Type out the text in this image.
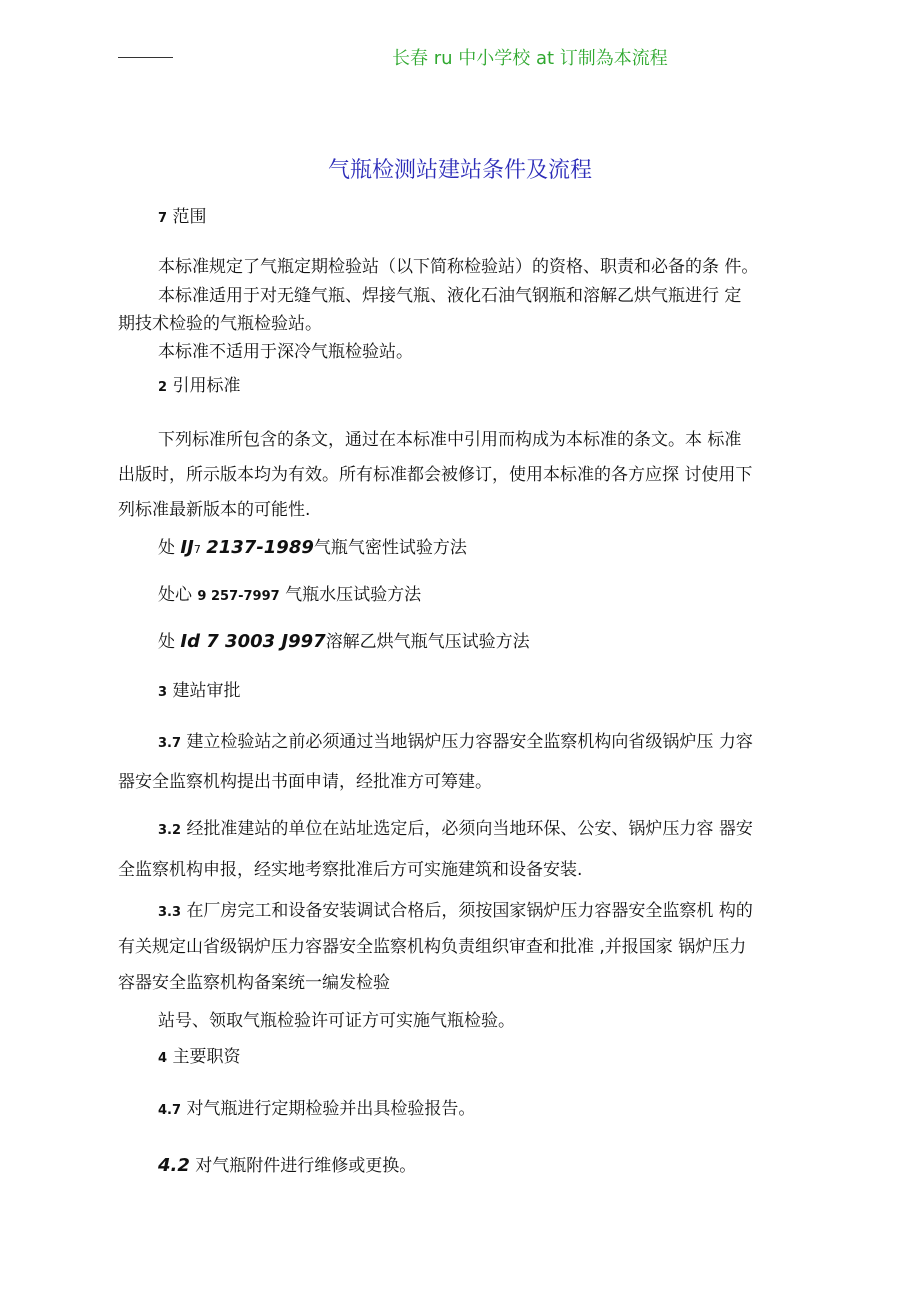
长春 ru 中小学校 at 订制為本流程
气瓶检测站建站条件及流程
7 范围
本标准规定了气瓶定期检验站（以下简称检验站）的资格、职责和必备的条 件。
本标准适用于对无缝气瓶、焊接气瓶、液化石油气钢瓶和溶解乙烘气瓶进行 定
期技术检验的气瓶检验站。
本标准不适用于深冷气瓶检验站。
2 引用标准
下列标准所包含的条文，通过在本标准中引用而构成为本标准的条文。本 标准
出版时，所示版本均为有效。所有标准都会被修订，使用本标准的各方应探 讨使用下
列标准最新版本的可能性.
处 IJ7 2137-1989气瓶气密性试验方法
处心 9 257-7997 气瓶水压试验方法
处 Id 7 3003 J997溶解乙烘气瓶气压试验方法
3 建站审批
3.7 建立检验站之前必须通过当地锅炉压力容器安全监察机构向省级锅炉压 力容
器安全监察机构提出书面申请，经批准方可筹建。
3.2 经批准建站的单位在站址选定后，必须向当地环保、公安、锅炉压力容 器安
全监察机构申报，经实地考察批准后方可实施建筑和设备安装.
3.3 在厂房完工和设备安装调试合格后，须按国家锅炉压力容器安全监察机 构的
有关规定山省级锅炉压力容器安全监察机构负责组织审查和批准 ,并报国家 锅炉压力
容器安全监察机构备案统一编发检验
站号、领取气瓶检验许可证方可实施气瓶检验。
4 主要职资
4.7 对气瓶进行定期检验并出具检验报告。
4.2 对气瓶附件进行维修或更换。
